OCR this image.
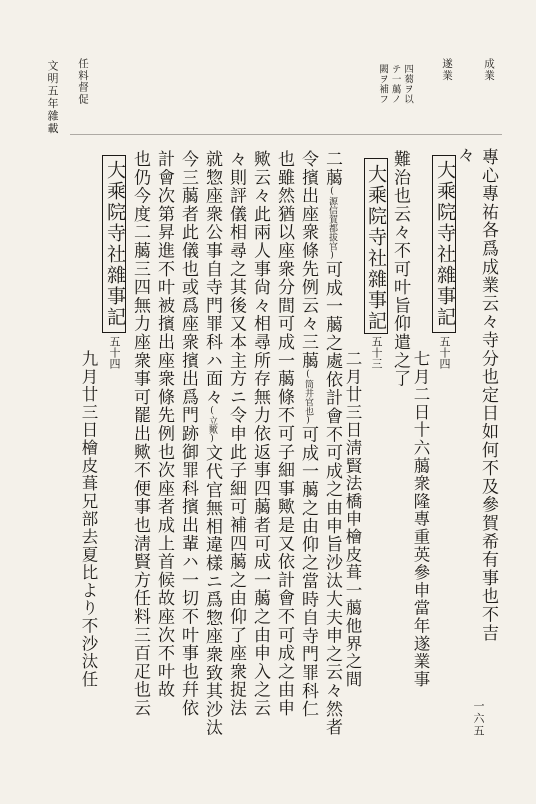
文明五年雜載
一六五
成業
遂業
四蒭ヲ以
テ一﨟ノ
闕ヲ補フ
任料督促
專心專祐各爲成業云々寺分也定日如何不及參賀希有事也不吉
々
大乘院寺社雜事記
五十四
七月二日十六﨟衆隆專重英參申當年遂業事
難治也云々不可叶旨仰遣之了
大乘院寺社雜事記
五十三
二月廿三日淸賢法橋申檜皮葺一﨟他界之間
二﨟(源信賀都拔官)可成一﨟之處依計會不可成之由申旨沙汰大夫申之云々然者
令擯出座衆條先例云々三﨟(筒井官也)可成一﨟之由仰之當時自寺門罪科仁
也雖然猶以座衆分間可成一﨟條不可子細事歟是又依計會不可成之由申
歟云々此兩人事尙々相尋所存無力依返事四﨟者可成一﨟之由申入之云
々則評儀相尋之其後又本主方ニ令申此子細可補四﨟之由仰了座衆捉法
就惣座衆公事自寺門罪科ハ面々(立歟)文代官無相違樣ニ爲惣座衆致其沙汰
今三﨟者此儀也或爲座衆擯出爲門跡御罪科擯出輩ハ一切不叶事也幷依
計會次第昇進不叶被擯出座衆條先例也次座者成上首候故座次不叶故
也仍今度二﨟三四無力座衆事可罷出歟不便事也淸賢方任料三百疋也云
大乘院寺社雜事記
五十四
九月廿三日檜皮葺兄部去夏比より不沙汰任
